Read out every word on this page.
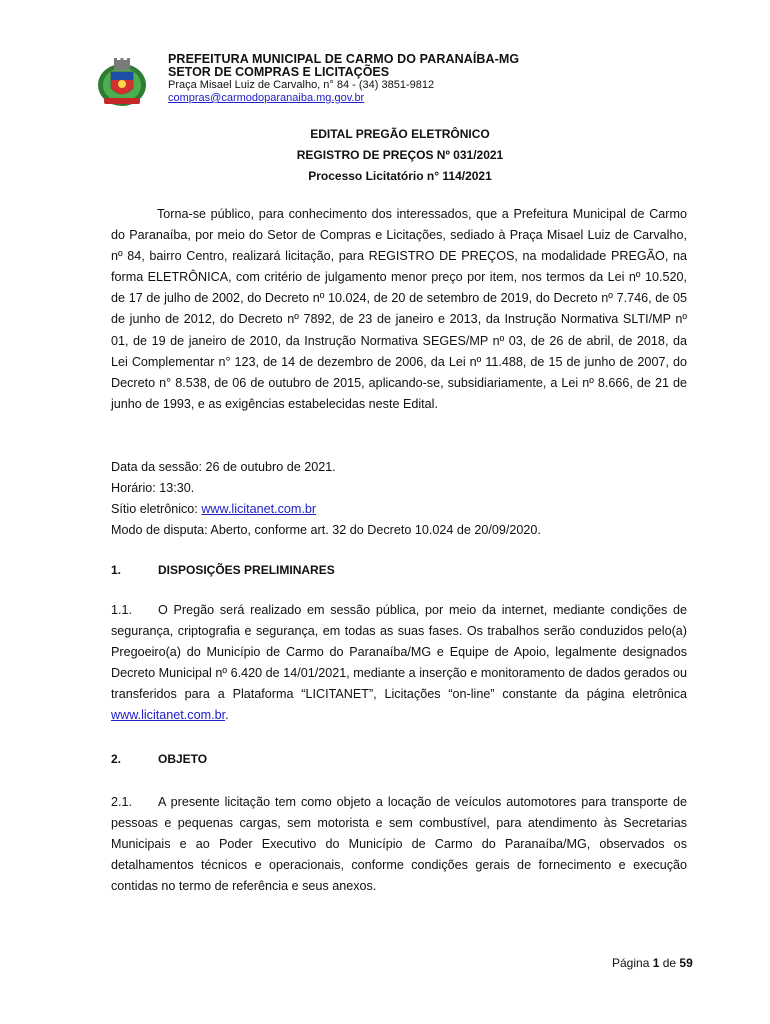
PREFEITURA MUNICIPAL DE CARMO DO PARANAÍBA-MG
SETOR DE COMPRAS E LICITAÇÕES
Praça Misael Luiz de Carvalho, n° 84 - (34) 3851-9812
compras@carmodoparanaiba.mg.gov.br
EDITAL PREGÃO ELETRÔNICO
REGISTRO DE PREÇOS Nº 031/2021
Processo Licitatório n° 114/2021
Torna-se público, para conhecimento dos interessados, que a Prefeitura Municipal de Carmo do Paranaíba, por meio do Setor de Compras e Licitações, sediado à Praça Misael Luiz de Carvalho, nº 84, bairro Centro, realizará licitação, para REGISTRO DE PREÇOS, na modalidade PREGÃO, na forma ELETRÔNICA, com critério de julgamento menor preço por item, nos termos da Lei nº 10.520, de 17 de julho de 2002, do Decreto nº 10.024, de 20 de setembro de 2019, do Decreto nº 7.746, de 05 de junho de 2012, do Decreto nº 7892, de 23 de janeiro e 2013, da Instrução Normativa SLTI/MP nº 01, de 19 de janeiro de 2010, da Instrução Normativa SEGES/MP nº 03, de 26 de abril, de 2018, da Lei Complementar n° 123, de 14 de dezembro de 2006, da Lei nº 11.488, de 15 de junho de 2007, do Decreto n° 8.538, de 06 de outubro de 2015, aplicando-se, subsidiariamente, a Lei nº 8.666, de 21 de junho de 1993, e as exigências estabelecidas neste Edital.
Data da sessão: 26 de outubro de 2021.
Horário: 13:30.
Sítio eletrônico: www.licitanet.com.br
Modo de disputa: Aberto, conforme art. 32 do Decreto 10.024 de 20/09/2020.
1.	DISPOSIÇÕES PRELIMINARES
1.1. O Pregão será realizado em sessão pública, por meio da internet, mediante condições de segurança, criptografia e segurança, em todas as suas fases. Os trabalhos serão conduzidos pelo(a) Pregoeiro(a) do Município de Carmo do Paranaíba/MG e Equipe de Apoio, legalmente designados Decreto Municipal nº 6.420 de 14/01/2021, mediante a inserção e monitoramento de dados gerados ou transferidos para a Plataforma “LICITANET”, Licitações “on-line” constante da página eletrônica www.licitanet.com.br.
2.	OBJETO
2.1. A presente licitação tem como objeto a locação de veículos automotores para transporte de pessoas e pequenas cargas, sem motorista e sem combustível, para atendimento às Secretarias Municipais e ao Poder Executivo do Município de Carmo do Paranaíba/MG, observados os detalhamentos técnicos e operacionais, conforme condições gerais de fornecimento e execução contidas no termo de referência e seus anexos.
Página 1 de 59
